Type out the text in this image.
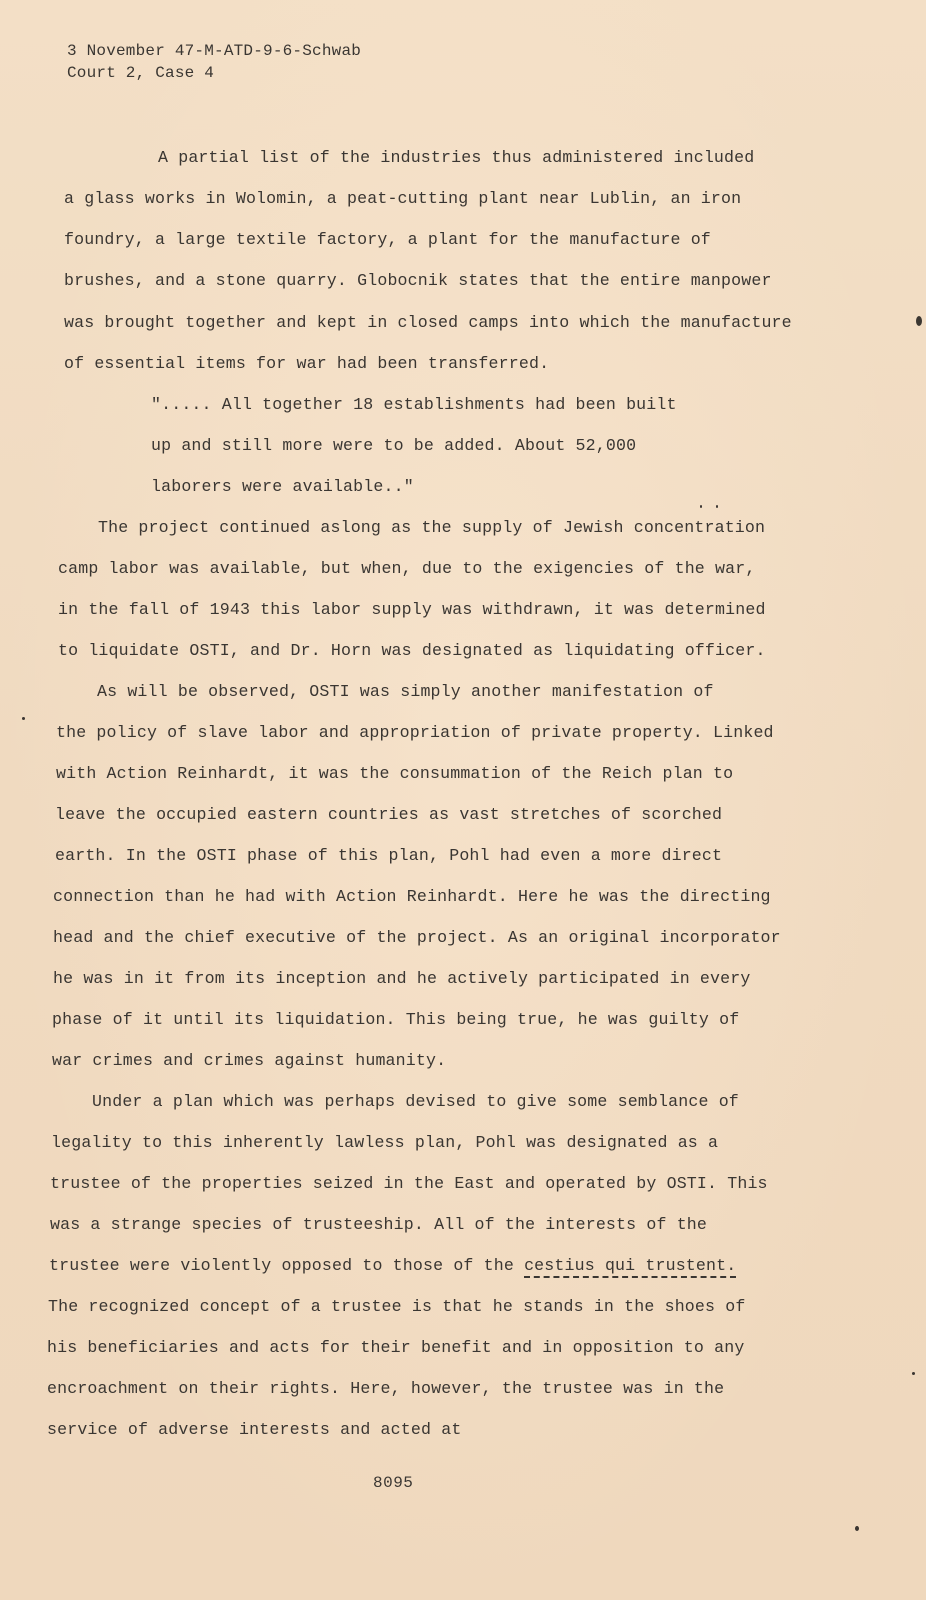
3 November 47-M-ATD-9-6-Schwab
Court 2, Case 4
A partial list of the industries thus administered included
a glass works in Wolomin, a peat-cutting plant near Lublin, an iron
foundry, a large textile factory, a plant for the manufacture of
brushes, and a stone quarry. Globocnik states that the entire manpower
was brought together and kept in closed camps into which the manufacture
of essential items for war had been transferred.
"..... All together 18 establishments had been built
up and still more were to be added. About 52,000
laborers were available.."
The project continued aslong as the supply of Jewish concentration
camp labor was available, but when, due to the exigencies of the war,
in the fall of 1943 this labor supply was withdrawn, it was determined
to liquidate OSTI, and Dr. Horn was designated as liquidating officer.
As will be observed, OSTI was simply another manifestation of
the policy of slave labor and appropriation of private property. Linked
with Action Reinhardt, it was the consummation of the Reich plan to
leave the occupied eastern countries as vast stretches of scorched
earth. In the OSTI phase of this plan, Pohl had even a more direct
connection than he had with Action Reinhardt. Here he was the directing
head and the chief executive of the project. As an original incorporator
he was in it from its inception and he actively participated in every
phase of it until its liquidation. This being true, he was guilty of
war crimes and crimes against humanity.
Under a plan which was perhaps devised to give some semblance of
legality to this inherently lawless plan, Pohl was designated as a
trustee of the properties seized in the East and operated by OSTI. This
was a strange species of trusteeship. All of the interests of the
trustee were violently opposed to those of the cestius qui trustent.
The recognized concept of a trustee is that he stands in the shoes of
his beneficiaries and acts for their benefit and in opposition to any
encroachment on their rights. Here, however, the trustee was in the
service of adverse interests and acted at
8095
